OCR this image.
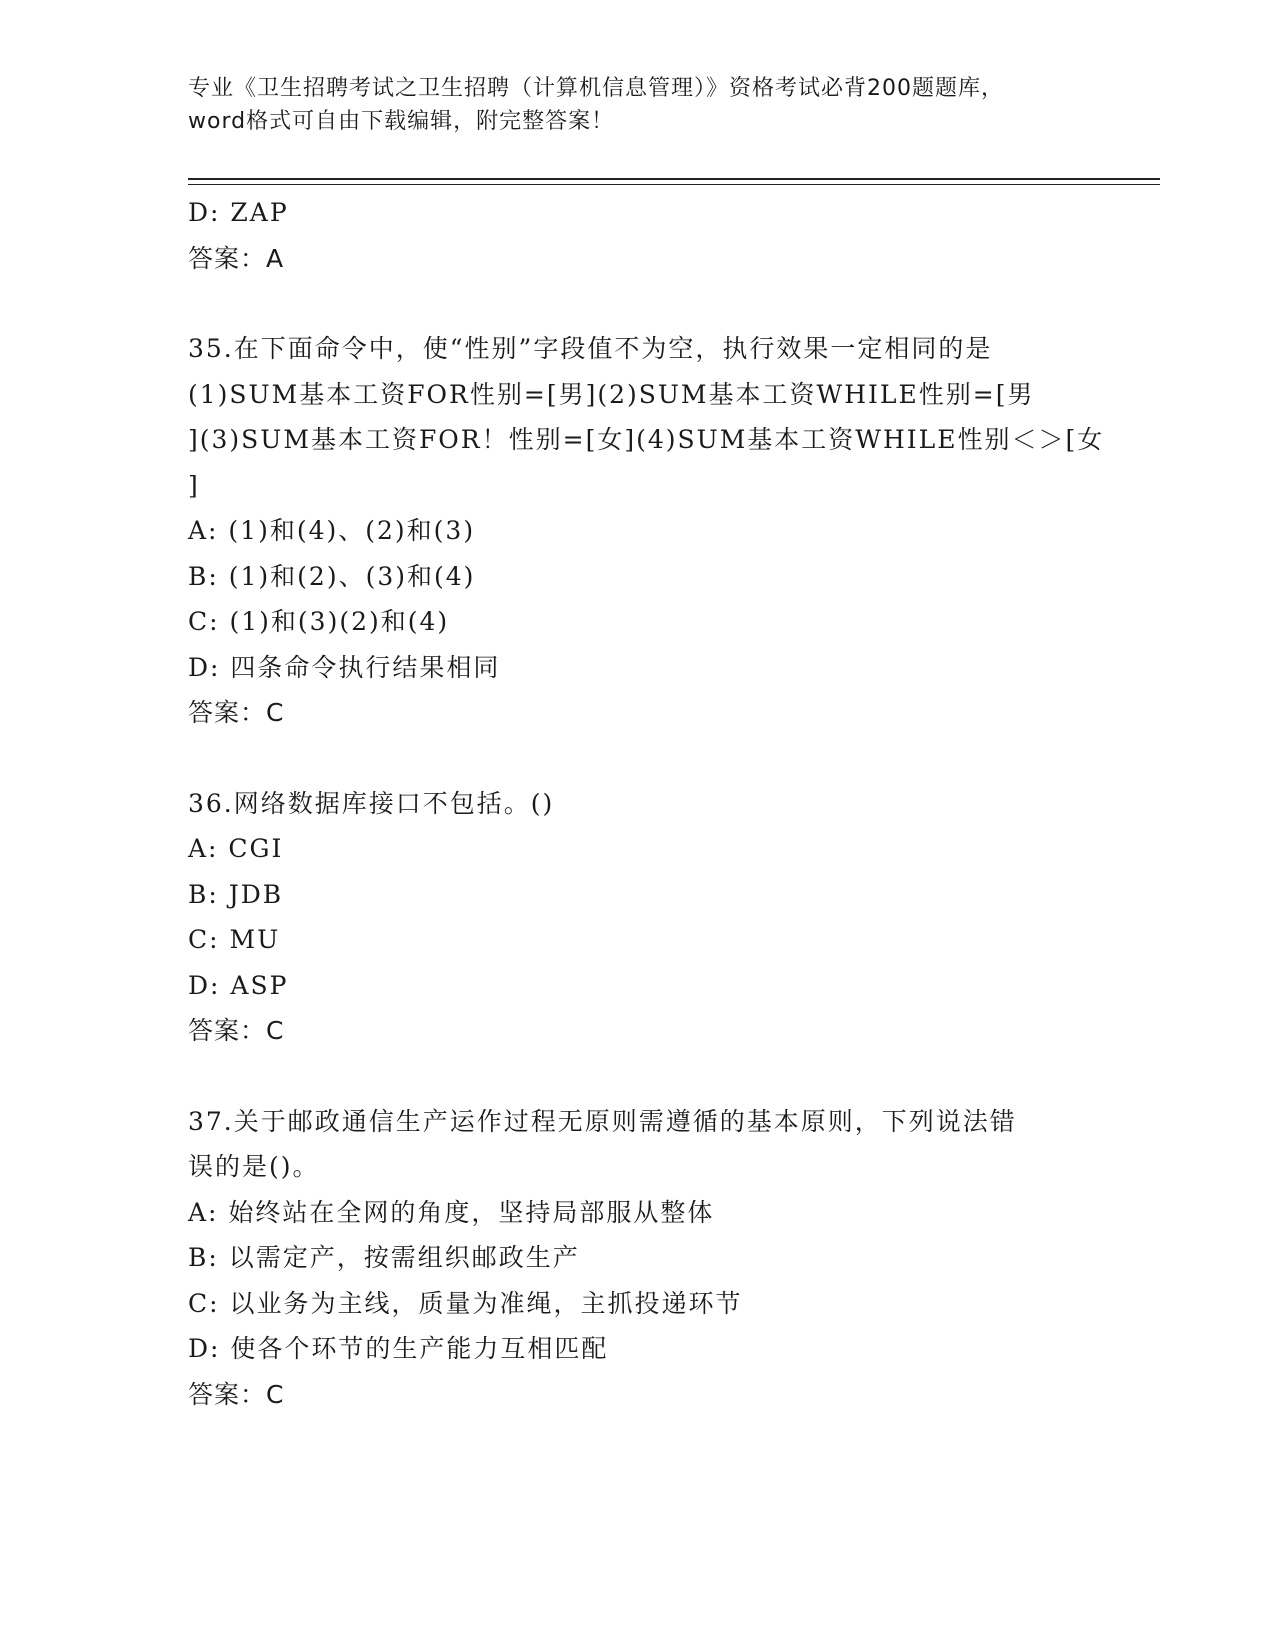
专业《卫生招聘考试之卫生招聘（计算机信息管理）》资格考试必背200题题库，
word格式可自由下载编辑，附完整答案！

D: ZAP

答案：A

35.在下面命令中，使“性别”字段值不为空，执行效果一定相同的是

(1)SUM基本工资FOR性别=[男](2)SUM基本工资WHILE性别=[男

](3)SUM基本工资FOR！性别=[女](4)SUM基本工资WHILE性别＜＞[女

]

A: (1)和(4)、(2)和(3)

B: (1)和(2)、(3)和(4)

C: (1)和(3)(2)和(4)

D: 四条命令执行结果相同

答案：C

36.网络数据库接口不包括。()

A: CGI

B: JDB

C: MU

D: ASP

答案：C

37.关于邮政通信生产运作过程无原则需遵循的基本原则，下列说法错

误的是()。

A: 始终站在全网的角度，坚持局部服从整体

B: 以需定产，按需组织邮政生产

C: 以业务为主线，质量为准绳，主抓投递环节

D: 使各个环节的生产能力互相匹配

答案：C
